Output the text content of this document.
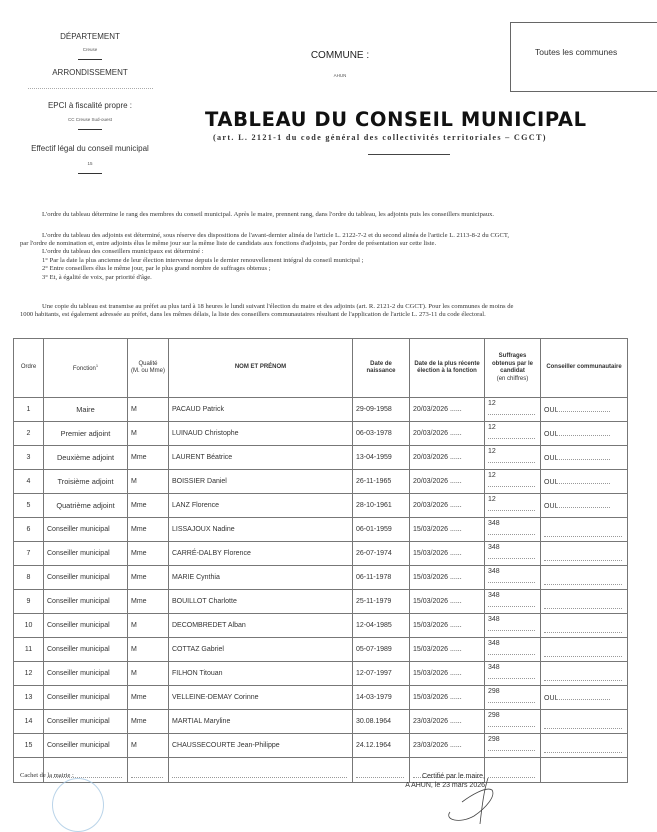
DÉPARTEMENT
Creuse
ARRONDISSEMENT
EPCI à fiscalité propre :
CC Creuse Sud-ouest
Effectif légal du conseil municipal
15
COMMUNE :
AHUN
Toutes les communes
TABLEAU DU CONSEIL MUNICIPAL
(art. L. 2121-1 du code général des collectivités territoriales – CGCT)
L'ordre du tableau détermine le rang des membres du conseil municipal. Après le maire, prennent rang, dans l'ordre du tableau, les adjoints puis les conseillers municipaux.
L'ordre du tableau des adjoints est déterminé, sous réserve des dispositions de l'avant-dernier alinéa de l'article L. 2122-7-2 et du second alinéa de l'article L. 2113-8-2 du CGCT,
par l'ordre de nomination et, entre adjoints élus le même jour sur la même liste de candidats aux fonctions d'adjoints, par l'ordre de présentation sur cette liste.
L'ordre du tableau des conseillers municipaux est déterminé :
1° Par la date la plus ancienne de leur élection intervenue depuis le dernier renouvellement intégral du conseil municipal ;
2° Entre conseillers élus le même jour, par le plus grand nombre de suffrages obtenus ;
3° Et, à égalité de voix, par priorité d'âge.
Une copie du tableau est transmise au préfet au plus tard à 18 heures le lundi suivant l'élection du maire et des adjoints (art. R. 2121-2 du CGCT). Pour les communes de moins de
1000 habitants, est également adressée au préfet, dans les mêmes délais, la liste des conseillers communautaires résultant de l'application de l'article L. 273-11 du code électoral.
Ordre	Fonction$^1$	Qualité
(M. ou Mme)	NOM ET PRÉNOM	Date de naissance	Date de la plus récente élection à la fonction	Suffrages obtenus par le candidat
(en chiffres)	Conseiller communautaire
1	Maire	M	PACAUD Patrick	29-09-1958	20/03/2026 ......	12	OUI
2	Premier adjoint	M	LUINAUD Christophe	06-03-1978	20/03/2026 ......	12	OUI
3	Deuxième adjoint	Mme	LAURENT Béatrice	13-04-1959	20/03/2026 ......	12	OUI
4	Troisième adjoint	M	BOISSIER Daniel	26-11-1965	20/03/2026 ......	12	OUI
5	Quatrième adjoint	Mme	LANZ Florence	28-10-1961	20/03/2026 ......	12	OUI
6	Conseiller municipal	Mme	LISSAJOUX Nadine	06-01-1959	15/03/2026 ......	348

7	Conseiller municipal	Mme	CARRÉ-DALBY Florence	26-07-1974	15/03/2026 ......	348

8	Conseiller municipal	Mme	MARIE Cynthia	06-11-1978	15/03/2026 ......	348

9	Conseiller municipal	Mme	BOUILLOT Charlotte	25-11-1979	15/03/2026 ......	348

10	Conseiller municipal	M	DECOMBREDET Alban	12-04-1985	15/03/2026 ......	348

11	Conseiller municipal	M	COTTAZ Gabriel	05-07-1989	15/03/2026 ......	348

12	Conseiller municipal	M	FILHON Titouan	12-07-1997	15/03/2026 ......	348

13	Conseiller municipal	Mme	VELLEINE-DEMAY Corinne	14-03-1979	15/03/2026 ......	298	OUI
14	Conseiller municipal	Mme	MARTIAL Maryline	30.08.1964	23/03/2026 ......	298

15	Conseiller municipal	M	CHAUSSECOURTE Jean-Philippe	24.12.1964	23/03/2026 ......	298

Cachet de la mairie :	Certifié par le maire,
A AHUN, le 23 mars 2026
